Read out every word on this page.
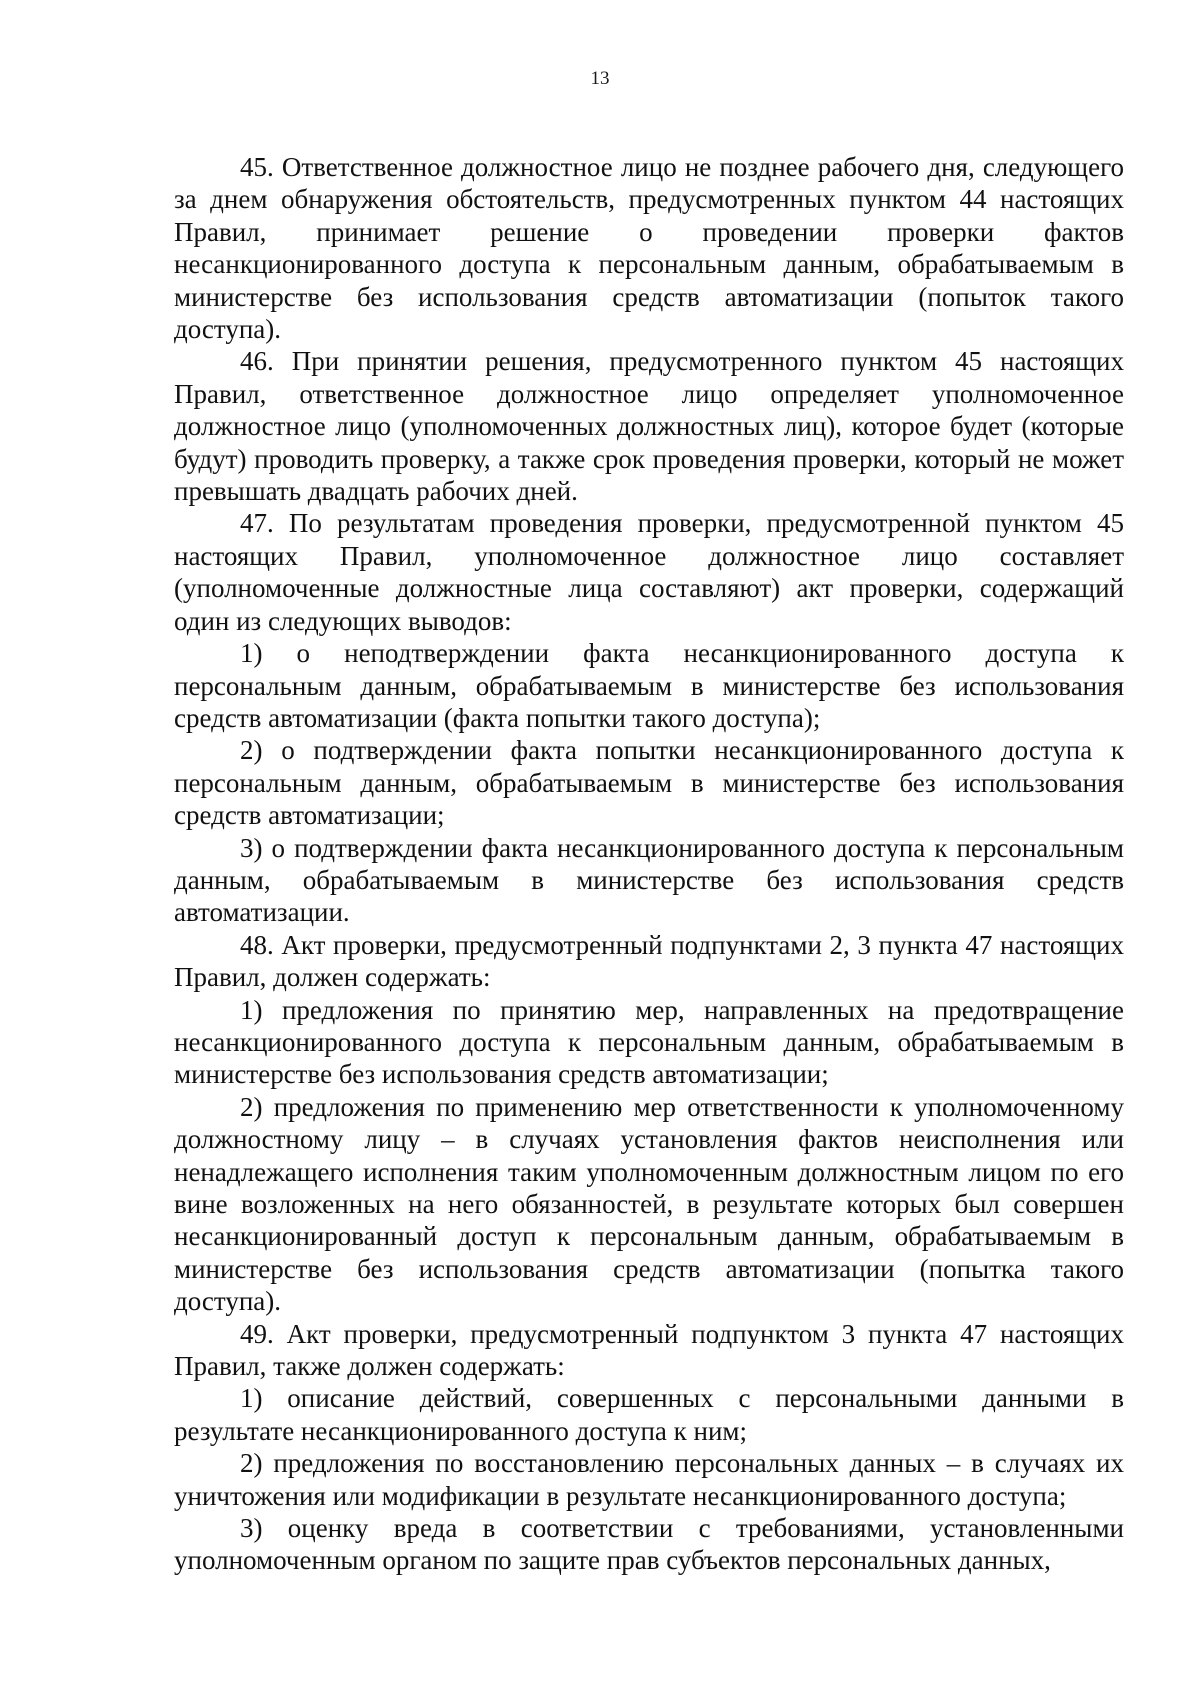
13

45. Ответственное должностное лицо не позднее рабочего дня, следующего за днем обнаружения обстоятельств, предусмотренных пунктом 44 настоящих Правил, принимает решение о проведении проверки фактов несанкционированного доступа к персональным данным, обрабатываемым в министерстве без использования средств автоматизации (попыток такого доступа).

46. При принятии решения, предусмотренного пунктом 45 настоящих Правил, ответственное должностное лицо определяет уполномоченное должностное лицо (уполномоченных должностных лиц), которое будет (которые будут) проводить проверку, а также срок проведения проверки, который не может превышать двадцать рабочих дней.

47. По результатам проведения проверки, предусмотренной пунктом 45 настоящих Правил, уполномоченное должностное лицо составляет (уполномоченные должностные лица составляют) акт проверки, содержащий один из следующих выводов:

1) о неподтверждении факта несанкционированного доступа к персональным данным, обрабатываемым в министерстве без использования средств автоматизации (факта попытки такого доступа);

2) о подтверждении факта попытки несанкционированного доступа к персональным данным, обрабатываемым в министерстве без использования средств автоматизации;

3) о подтверждении факта несанкционированного доступа к персональным данным, обрабатываемым в министерстве без использования средств автоматизации.

48. Акт проверки, предусмотренный подпунктами 2, 3 пункта 47 настоящих Правил, должен содержать:

1) предложения по принятию мер, направленных на предотвращение несанкционированного доступа к персональным данным, обрабатываемым в министерстве без использования средств автоматизации;

2) предложения по применению мер ответственности к уполномоченному должностному лицу – в случаях установления фактов неисполнения или ненадлежащего исполнения таким уполномоченным должностным лицом по его вине возложенных на него обязанностей, в результате которых был совершен несанкционированный доступ к персональным данным, обрабатываемым в министерстве без использования средств автоматизации (попытка такого доступа).

49. Акт проверки, предусмотренный подпунктом 3 пункта 47 настоящих Правил, также должен содержать:

1) описание действий, совершенных с персональными данными в результате несанкционированного доступа к ним;

2) предложения по восстановлению персональных данных – в случаях их уничтожения или модификации в результате несанкционированного доступа;

3) оценку вреда в соответствии с требованиями, установленными уполномоченным органом по защите прав субъектов персональных данных,
